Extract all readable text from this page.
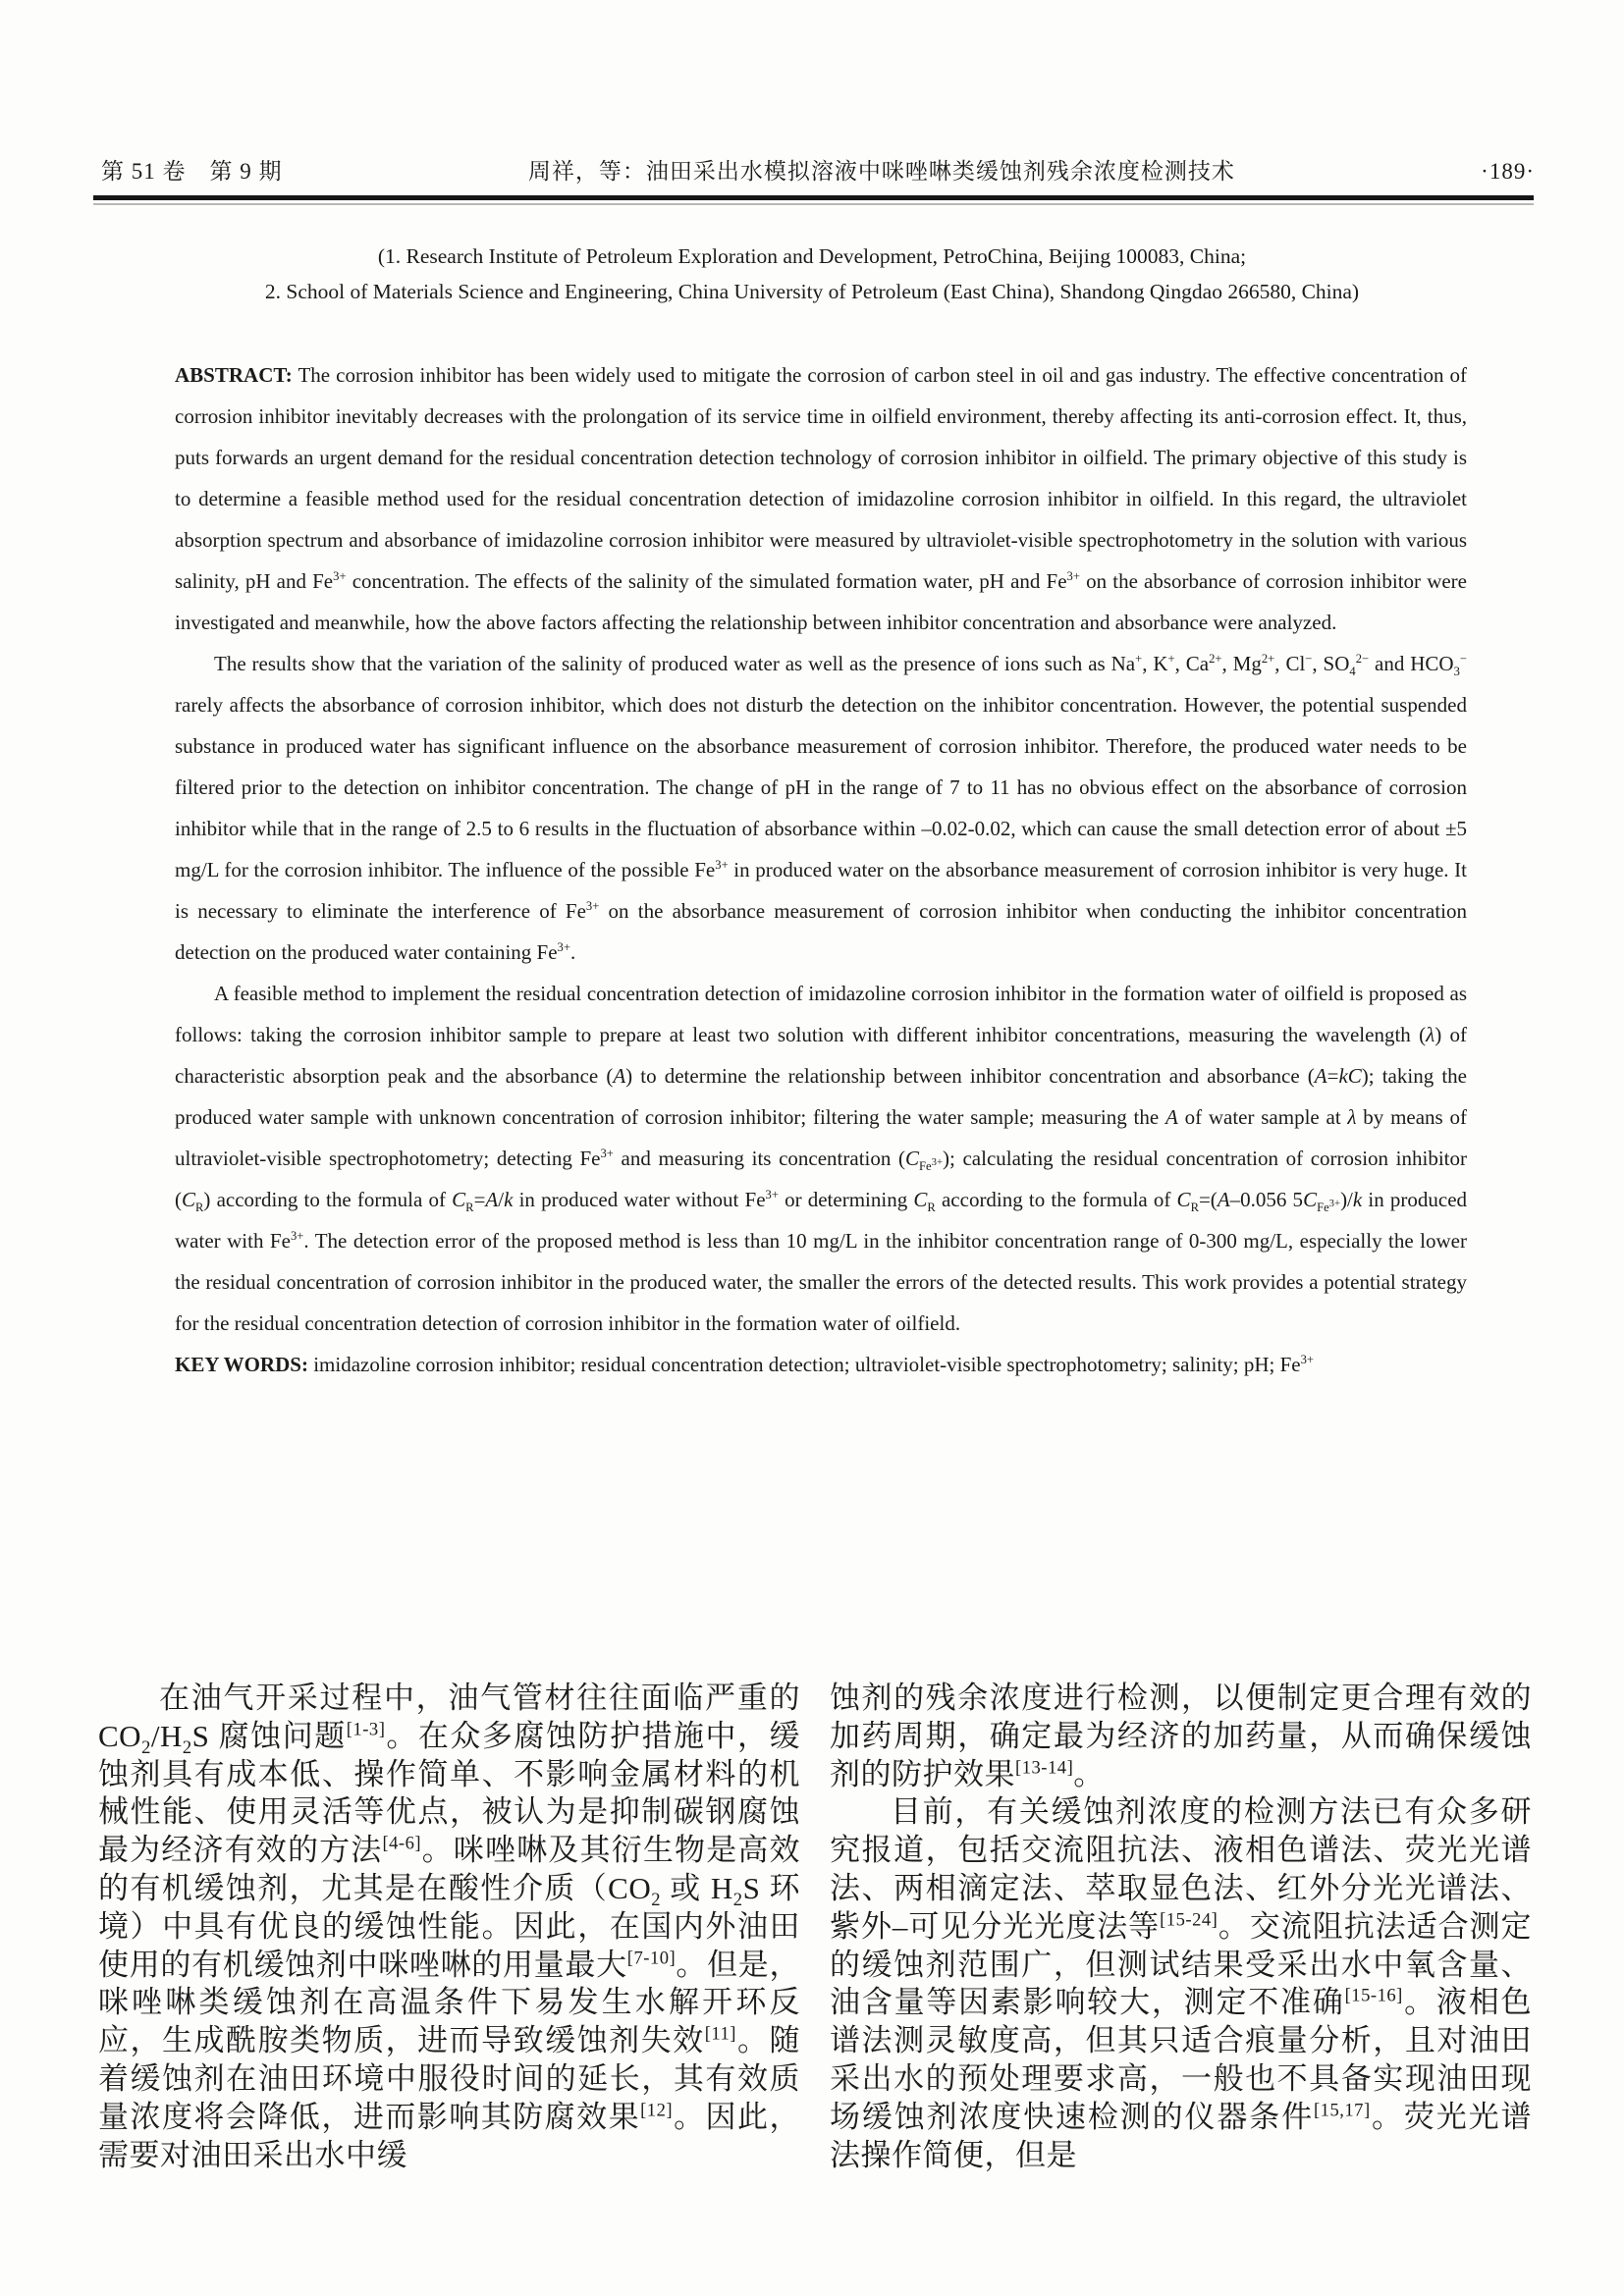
第 51 卷　第 9 期	周祥，等：油田采出水模拟溶液中咪唑啉类缓蚀剂残余浓度检测技术	·189·
(1. Research Institute of Petroleum Exploration and Development, PetroChina, Beijing 100083, China;
2. School of Materials Science and Engineering, China University of Petroleum (East China), Shandong Qingdao 266580, China)

ABSTRACT: The corrosion inhibitor has been widely used to mitigate the corrosion of carbon steel in oil and gas industry. The effective concentration of corrosion inhibitor inevitably decreases with the prolongation of its service time in oilfield environment, thereby affecting its anti-corrosion effect. It, thus, puts forwards an urgent demand for the residual concentration detection technology of corrosion inhibitor in oilfield. The primary objective of this study is to determine a feasible method used for the residual concentration detection of imidazoline corrosion inhibitor in oilfield. In this regard, the ultraviolet absorption spectrum and absorbance of imidazoline corrosion inhibitor were measured by ultraviolet-visible spectrophotometry in the solution with various salinity, pH and $Fe^{3+}$ concentration. The effects of the salinity of the simulated formation water, pH and $Fe^{3+}$ on the absorbance of corrosion inhibitor were investigated and meanwhile, how the above factors affecting the relationship between inhibitor concentration and absorbance were analyzed.

The results show that the variation of the salinity of produced water as well as the presence of ions such as Na+, K+, $Ca^{2+}$, $Mg^{2+}$, Cl−, $SO_4^{2-}$ and $HCO_3^-$ rarely affects the absorbance of corrosion inhibitor, which does not disturb the detection on the inhibitor concentration. However, the potential suspended substance in produced water has significant influence on the absorbance measurement of corrosion inhibitor. Therefore, the produced water needs to be filtered prior to the detection on inhibitor concentration. The change of pH in the range of 7 to 11 has no obvious effect on the absorbance of corrosion inhibitor while that in the range of 2.5 to 6 results in the fluctuation of absorbance within –0.02-0.02, which can cause the small detection error of about ±5 mg/L for the corrosion inhibitor. The influence of the possible $Fe^{3+}$ in produced water on the absorbance measurement of corrosion inhibitor is very huge. It is necessary to eliminate the interference of $Fe^{3+}$ on the absorbance measurement of corrosion inhibitor when conducting the inhibitor concentration detection on the produced water containing $Fe^{3+}$.

A feasible method to implement the residual concentration detection of imidazoline corrosion inhibitor in the formation water of oilfield is proposed as follows: taking the corrosion inhibitor sample to prepare at least two solution with different inhibitor concentrations, measuring the wavelength (λ) of characteristic absorption peak and the absorbance (A) to determine the relationship between inhibitor concentration and absorbance (A=kC); taking the produced water sample with unknown concentration of corrosion inhibitor; filtering the water sample; measuring the A of water sample at λ by means of ultraviolet-visible spectrophotometry; detecting $Fe^{3+}$ and measuring its concentration $(C_{Fe^{3+}})$; calculating the residual concentration of corrosion inhibitor $(C_R)$ according to the formula of $C_R=A/k$ in produced water without $Fe^{3+}$ or determining $C_R$ according to the formula of $C_R=(A-0.056$ $5C_{Fe^{3+}})/k$ in produced water with $Fe^{3+}$. The detection error of the proposed method is less than 10 mg/L in the inhibitor concentration range of 0-300 mg/L, especially the lower the residual concentration of corrosion inhibitor in the produced water, the smaller the errors of the detected results. This work provides a potential strategy for the residual concentration detection of corrosion inhibitor in the formation water of oilfield.

KEY WORDS: imidazoline corrosion inhibitor; residual concentration detection; ultraviolet-visible spectrophotometry; salinity; pH; $Fe^{3+}$

在油气开采过程中，油气管材往往面临严重的$CO_2/H_2S$ 腐蚀问题[1-3]。在众多腐蚀防护措施中，缓蚀剂具有成本低、操作简单、不影响金属材料的机械性能、使用灵活等优点，被认为是抑制碳钢腐蚀最为经济有效的方法[4-6]。咪唑啉及其衍生物是高效的有机缓蚀剂，尤其是在酸性介质（$CO_2$ 或 $H_2S$ 环境）中具有优良的缓蚀性能。因此，在国内外油田使用的有机缓蚀剂中咪唑啉的用量最大[7-10]。但是，咪唑啉类缓蚀剂在高温条件下易发生水解开环反应，生成酰胺类物质，进而导致缓蚀剂失效[11]。随着缓蚀剂在油田环境中服役时间的延长，其有效质量浓度将会降低，进而影响其防腐效果[12]。因此，需要对油田采出水中缓

蚀剂的残余浓度进行检测，以便制定更合理有效的加药周期，确定最为经济的加药量，从而确保缓蚀剂的防护效果[13-14]。

目前，有关缓蚀剂浓度的检测方法已有众多研究报道，包括交流阻抗法、液相色谱法、荧光光谱法、两相滴定法、萃取显色法、红外分光光谱法、紫外–可见分光光度法等[15-24]。交流阻抗法适合测定的缓蚀剂范围广，但测试结果受采出水中氧含量、油含量等因素影响较大，测定不准确[15-16]。液相色谱法测灵敏度高，但其只适合痕量分析，且对油田采出水的预处理要求高，一般也不具备实现油田现场缓蚀剂浓度快速检测的仪器条件[15,17]。荧光光谱法操作简便，但是
